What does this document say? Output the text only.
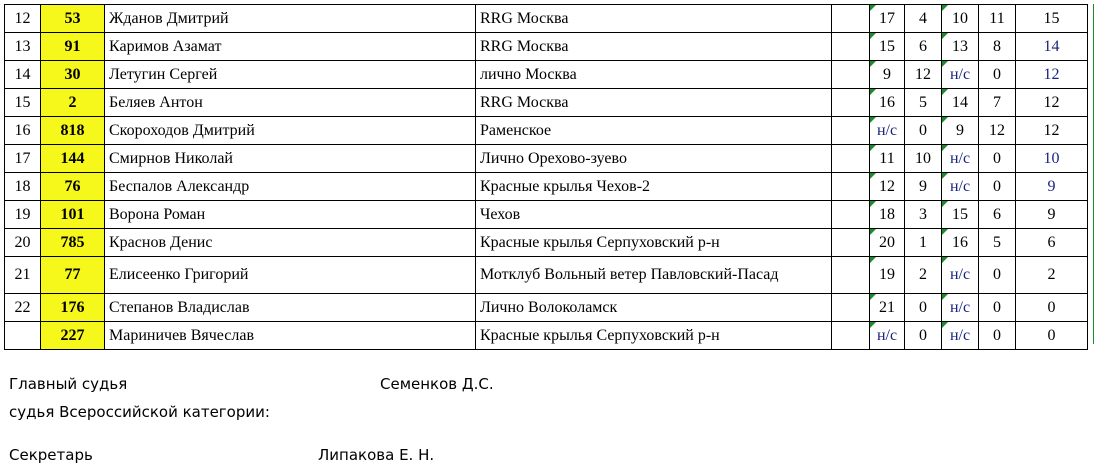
12	53	Жданов Дмитрий	RRG Москва		17	4	10	11	15
13	91	Каримов Азамат	RRG Москва		15	6	13	8	14
14	30	Летугин Сергей	лично Москва		9	12	н/с	0	12
15	2	Беляев Антон	RRG Москва		16	5	14	7	12
16	818	Скороходов Дмитрий	Раменское		н/с	0	9	12	12
17	144	Смирнов Николай	Лично Орехово-зуево		11	10	н/с	0	10
18	76	Беспалов Александр	Красные крылья Чехов-2		12	9	н/с	0	9
19	101	Ворона Роман	Чехов		18	3	15	6	9
20	785	Краснов Денис	Красные крылья Серпуховский р-н		20	1	16	5	6
21	77	Елисеенко Григорий	Мотклуб Вольный ветер Павловский-Пасад		19	2	н/с	0	2
22	176	Степанов Владислав	Лично Волоколамск		21	0	н/с	0	0
	227	Мариничев Вячеслав	Красные крылья Серпуховский р-н		н/с	0	н/с	0	0
Главный судья	Семенков Д.С.
судья Всероссийской категории:
Секретарь	Липакова Е. Н.
